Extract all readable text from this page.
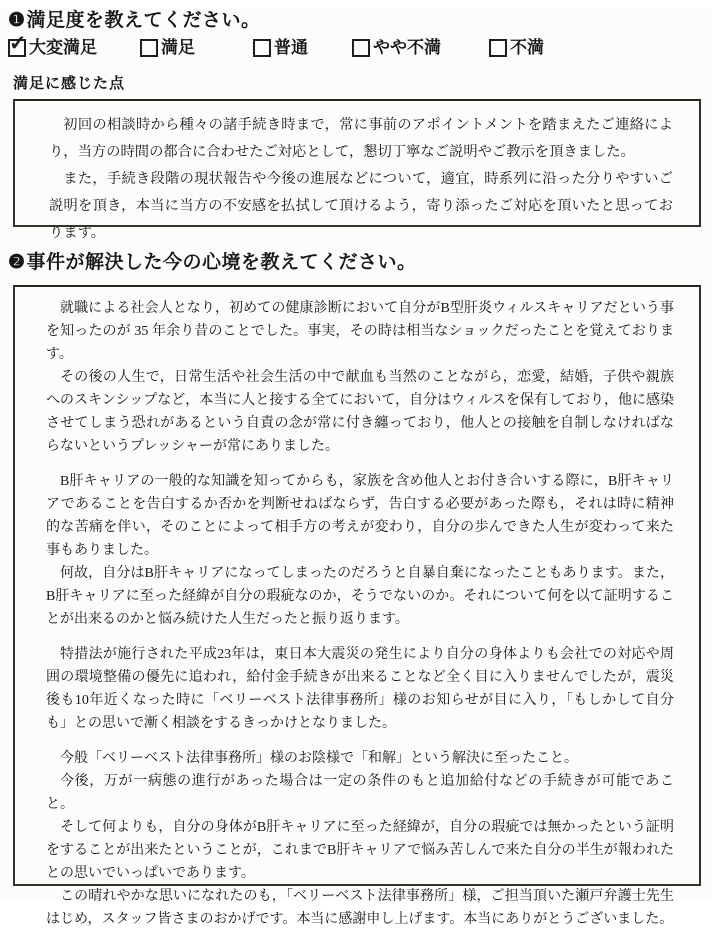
❶満足度を教えてください。
✓
大変満足	満足	普通	やや不満	不満
満足に感じた点

初回の相談時から種々の諸手続き時まで，常に事前のアポイントメントを踏まえたご連絡により，当方の時間の都合に合わせたご対応として，懇切丁寧なご説明やご教示を頂きました。

また，手続き段階の現状報告や今後の進展などについて，適宜，時系列に沿った分りやすいご説明を頂き，本当に当方の不安感を払拭して頂けるよう，寄り添ったご対応を頂いたと思っております。

❷事件が解決した今の心境を教えてください。

就職による社会人となり，初めての健康診断において自分がB型肝炎ウィルスキャリアだという事を知ったのが 35 年余り昔のことでした。事実，その時は相当なショックだったことを覚えております。

その後の人生で，日常生活や社会生活の中で献血も当然のことながら，恋愛，結婚，子供や親族へのスキンシップなど，本当に人と接する全てにおいて，自分はウィルスを保有しており，他に感染させてしまう恐れがあるという自責の念が常に付き纏っており，他人との接触を自制しなければならないというプレッシャーが常にありました。

B肝キャリアの一般的な知識を知ってからも，家族を含め他人とお付き合いする際に，B肝キャリアであることを告白するか否かを判断せねばならず，告白する必要があった際も，それは時に精神的な苦痛を伴い，そのことによって相手方の考えが変わり，自分の歩んできた人生が変わって来た事もありました。

何故，自分はB肝キャリアになってしまったのだろうと自暴自棄になったこともあります。また，B肝キャリアに至った経緯が自分の瑕疵なのか，そうでないのか。それについて何を以て証明することが出来るのかと悩み続けた人生だったと振り返ります。

特措法が施行された平成23年は，東日本大震災の発生により自分の身体よりも会社での対応や周囲の環境整備の優先に追われ，給付金手続きが出来ることなど全く目に入りませんでしたが，震災後も10年近くなった時に「ベリーベスト法律事務所」様のお知らせが目に入り，「もしかして自分も」との思いで漸く相談をするきっかけとなりました。

今般「ベリーベスト法律事務所」様のお陰様で「和解」という解決に至ったこと。

今後，万が一病態の進行があった場合は一定の条件のもと追加給付などの手続きが可能であこと。

そして何よりも，自分の身体がB肝キャリアに至った経緯が，自分の瑕疵では無かったという証明をすることが出来たということが，これまでB肝キャリアで悩み苦しんで来た自分の半生が報われたとの思いでいっぱいであります。

この晴れやかな思いになれたのも，「ベリーベスト法律事務所」様，ご担当頂いた瀬戸弁護士先生はじめ，スタッフ皆さまのおかげです。本当に感謝申し上げます。本当にありがとうございました。
